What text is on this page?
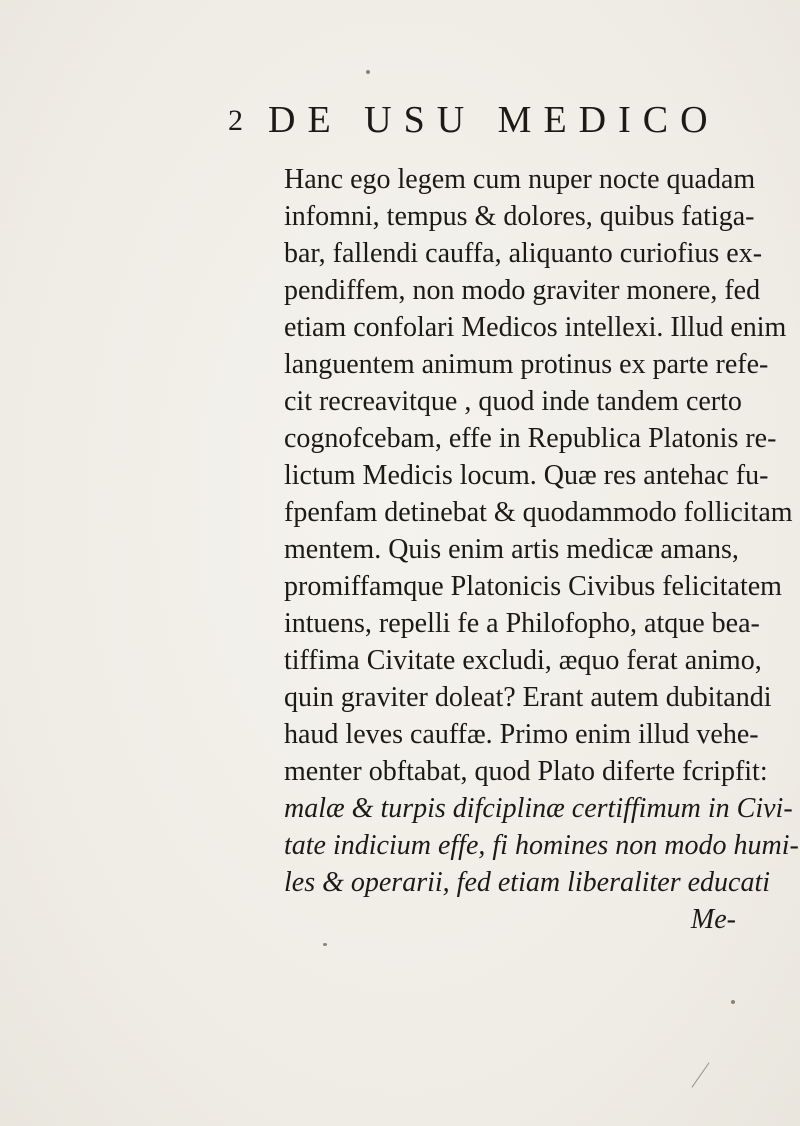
2 DE USU MEDICO
Hanc ego legem cum nuper nocte quadam
infomni, tempus & dolores, quibus fatiga-
bar, fallendi cauffa, aliquanto curiofius ex-
pendiffem, non modo graviter monere, fed
etiam confolari Medicos intellexi. Illud enim
languentem animum protinus ex parte refe-
cit recreavitque , quod inde tandem certo
cognofcebam, effe in Republica Platonis re-
lictum Medicis locum. Quæ res antehac fu-
fpenfam detinebat & quodammodo follicitam
mentem. Quis enim artis medicæ amans,
promiffamque Platonicis Civibus felicitatem
intuens, repelli fe a Philofopho, atque bea-
tiffima Civitate excludi, æquo ferat animo,
quin graviter doleat? Erant autem dubitandi
haud leves cauffæ. Primo enim illud vehe-
menter obftabat, quod Plato diferte fcripfit:
malæ & turpis difciplinæ certiffimum in Civi-
tate indicium effe, fi homines non modo humi-
les & operarii, fed etiam liberaliter educati
Me-
